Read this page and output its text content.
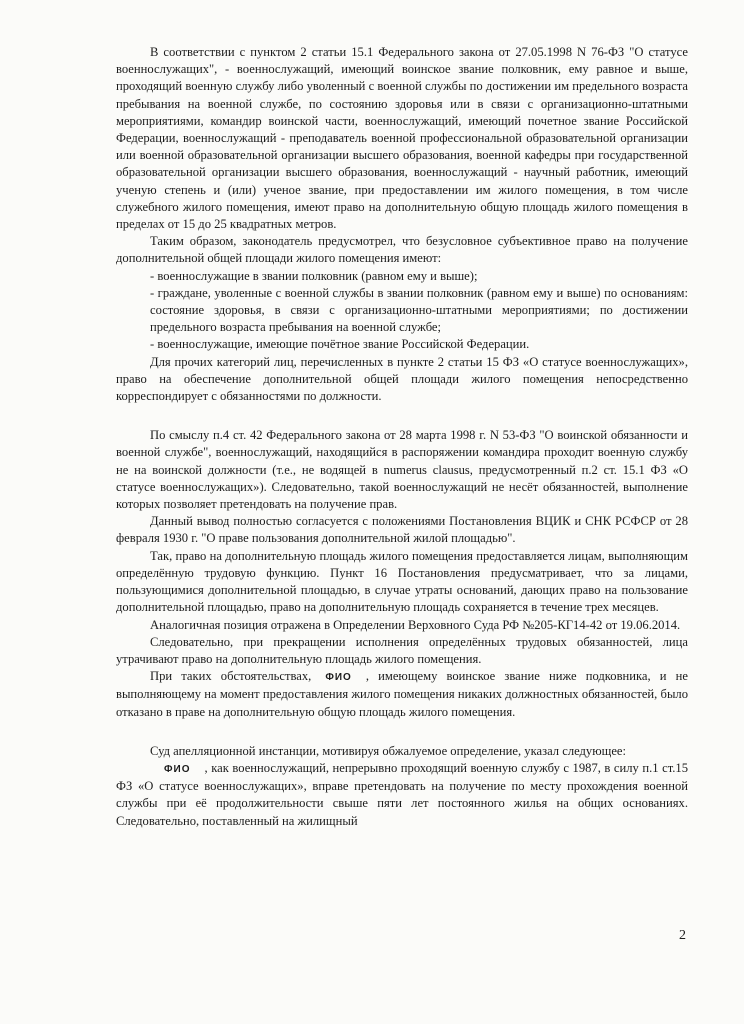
В соответствии с пунктом 2 статьи 15.1 Федерального закона от 27.05.1998 N 76-ФЗ "О статусе военнослужащих", - военнослужащий, имеющий воинское звание полковник, ему равное и выше, проходящий военную службу либо уволенный с военной службы по достижении им предельного возраста пребывания на военной службе, по состоянию здоровья или в связи с организационно-штатными мероприятиями, командир воинской части, военнослужащий, имеющий почетное звание Российской Федерации, военнослужащий - преподаватель военной профессиональной образовательной организации или военной образовательной организации высшего образования, военной кафедры при государственной образовательной организации высшего образования, военнослужащий - научный работник, имеющий ученую степень и (или) ученое звание, при предоставлении им жилого помещения, в том числе служебного жилого помещения, имеют право на дополнительную общую площадь жилого помещения в пределах от 15 до 25 квадратных метров.

Таким образом, законодатель предусмотрел, что безусловное субъективное право на получение дополнительной общей площади жилого помещения имеют:

- военнослужащие в звании полковник (равном ему и выше);

- граждане, уволенные с военной службы в звании полковник (равном ему и выше) по основаниям: состояние здоровья, в связи с организационно-штатными мероприятиями; по достижении предельного возраста пребывания на военной службе;

- военнослужащие, имеющие почётное звание Российской Федерации.

Для прочих категорий лиц, перечисленных в пункте 2 статьи 15 ФЗ «О статусе военнослужащих», право на обеспечение дополнительной общей площади жилого помещения непосредственно корреспондирует с обязанностями по должности.

По смыслу п.4 ст. 42 Федерального закона от 28 марта 1998 г. N 53-ФЗ "О воинской обязанности и военной службе", военнослужащий, находящийся в распоряжении командира проходит военную службу не на воинской должности (т.е., не водящей в numerus clausus, предусмотренный п.2 ст. 15.1 ФЗ «О статусе военнослужащих»). Следовательно, такой военнослужащий не несёт обязанностей, выполнение которых позволяет претендовать на получение прав.

Данный вывод полностью согласуется с положениями Постановления ВЦИК и СНК РСФСР от 28 февраля 1930 г. "О праве пользования дополнительной жилой площадью".

Так, право на дополнительную площадь жилого помещения предоставляется лицам, выполняющим определённую трудовую функцию. Пункт 16 Постановления предусматривает, что за лицами, пользующимися дополнительной площадью, в случае утраты оснований, дающих право на пользование дополнительной площадью, право на дополнительную площадь сохраняется в течение трех месяцев.

Аналогичная позиция отражена в Определении Верховного Суда РФ №205-КГ14-42 от 19.06.2014.

Следовательно, при прекращении исполнения определённых трудовых обязанностей, лица утрачивают право на дополнительную площадь жилого помещения.

При таких обстоятельствах, ФИО , имеющему воинское звание ниже подковника, и не выполняющему на момент предоставления жилого помещения никаких должностных обязанностей, было отказано в праве на дополнительную общую площадь жилого помещения.

Суд апелляционной инстанции, мотивируя обжалуемое определение, указал следующее:

ФИО , как военнослужащий, непрерывно проходящий военную службу с 1987, в силу п.1 ст.15 ФЗ «О статусе военнослужащих», вправе претендовать на получение по месту прохождения военной службы при её продолжительности свыше пяти лет постоянного жилья на общих основаниях. Следовательно, поставленный на жилищный

2
